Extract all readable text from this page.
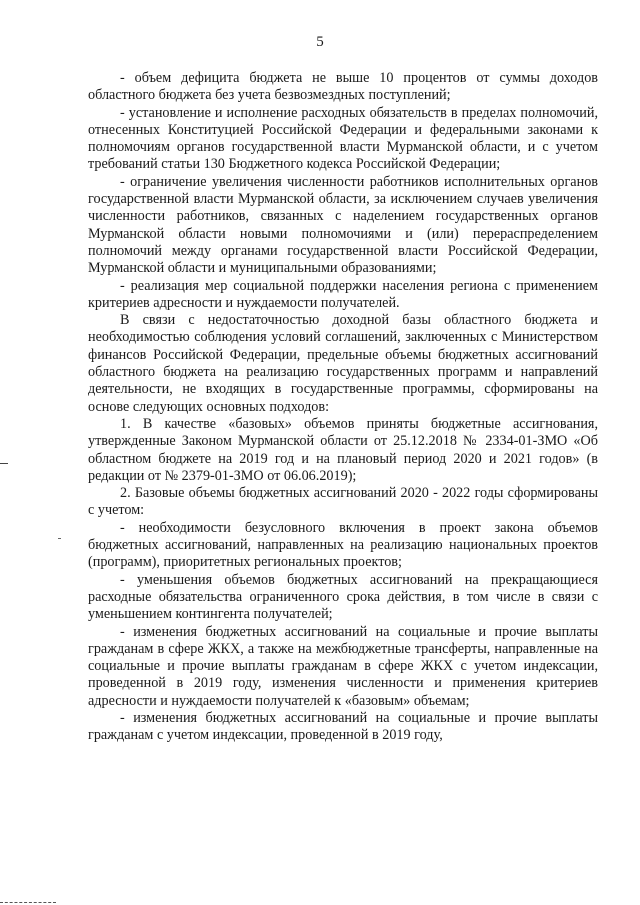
5

- объем дефицита бюджета не выше 10 процентов от суммы доходов областного бюджета без учета безвозмездных поступлений;

- установление и исполнение расходных обязательств в пределах полномочий, отнесенных Конституцией Российской Федерации и федеральными законами к полномочиям органов государственной власти Мурманской области, и с учетом требований статьи 130 Бюджетного кодекса Российской Федерации;

- ограничение увеличения численности работников исполнительных органов государственной власти Мурманской области, за исключением случаев увеличения численности работников, связанных с наделением государственных органов Мурманской области новыми полномочиями и (или) перераспределением полномочий между органами государственной власти Российской Федерации, Мурманской области и муниципальными образованиями;

- реализация мер социальной поддержки населения региона с применением критериев адресности и нуждаемости получателей.

В связи с недостаточностью доходной базы областного бюджета и необходимостью соблюдения условий соглашений, заключенных с Министерством финансов Российской Федерации, предельные объемы бюджетных ассигнований областного бюджета на реализацию государственных программ и направлений деятельности, не входящих в государственные программы, сформированы на основе следующих основных подходов:

1. В качестве «базовых» объемов приняты бюджетные ассигнования, утвержденные Законом Мурманской области от 25.12.2018 № 2334-01-ЗМО «Об областном бюджете на 2019 год и на плановый период 2020 и 2021 годов» (в редакции от № 2379-01-ЗМО от 06.06.2019);

2. Базовые объемы бюджетных ассигнований 2020 - 2022 годы сформированы с учетом:

- необходимости безусловного включения в проект закона объемов бюджетных ассигнований, направленных на реализацию национальных проектов (программ), приоритетных региональных проектов;

- уменьшения объемов бюджетных ассигнований на прекращающиеся расходные обязательства ограниченного срока действия, в том числе в связи с уменьшением контингента получателей;

- изменения бюджетных ассигнований на социальные и прочие выплаты гражданам в сфере ЖКХ, а также на межбюджетные трансферты, направленные на социальные и прочие выплаты гражданам в сфере ЖКХ с учетом индексации, проведенной в 2019 году, изменения численности и применения критериев адресности и нуждаемости получателей к «базовым» объемам;

- изменения бюджетных ассигнований на социальные и прочие выплаты гражданам с учетом индексации, проведенной в 2019 году,
